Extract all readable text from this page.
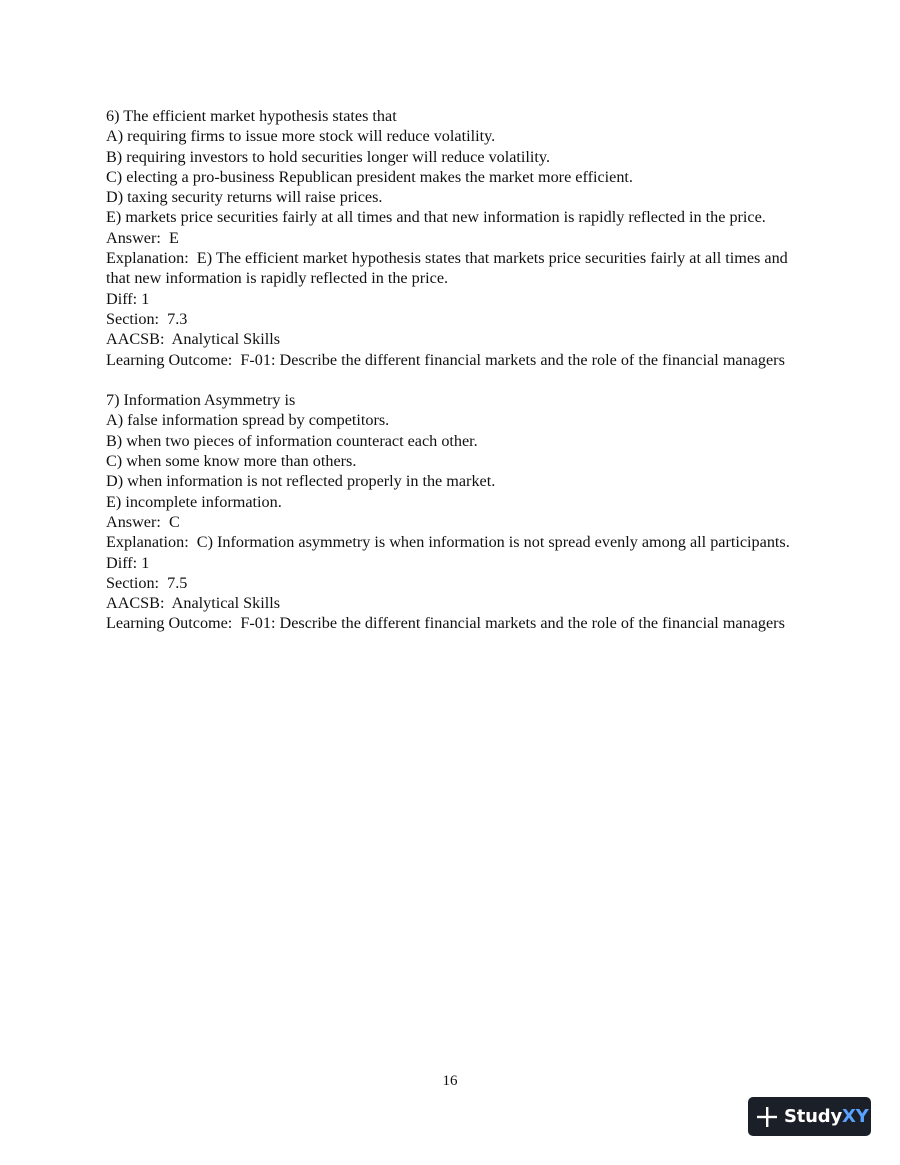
6) The efficient market hypothesis states that
A) requiring firms to issue more stock will reduce volatility.
B) requiring investors to hold securities longer will reduce volatility.
C) electing a pro-business Republican president makes the market more efficient.
D) taxing security returns will raise prices.
E) markets price securities fairly at all times and that new information is rapidly reflected in the price.
Answer:  E
Explanation:  E) The efficient market hypothesis states that markets price securities fairly at all times and that new information is rapidly reflected in the price.
Diff: 1
Section:  7.3
AACSB:  Analytical Skills
Learning Outcome:  F-01: Describe the different financial markets and the role of the financial managers
7) Information Asymmetry is
A) false information spread by competitors.
B) when two pieces of information counteract each other.
C) when some know more than others.
D) when information is not reflected properly in the market.
E) incomplete information.
Answer:  C
Explanation:  C) Information asymmetry is when information is not spread evenly among all participants.
Diff: 1
Section:  7.5
AACSB:  Analytical Skills
Learning Outcome:  F-01: Describe the different financial markets and the role of the financial managers
16
StudyXY
